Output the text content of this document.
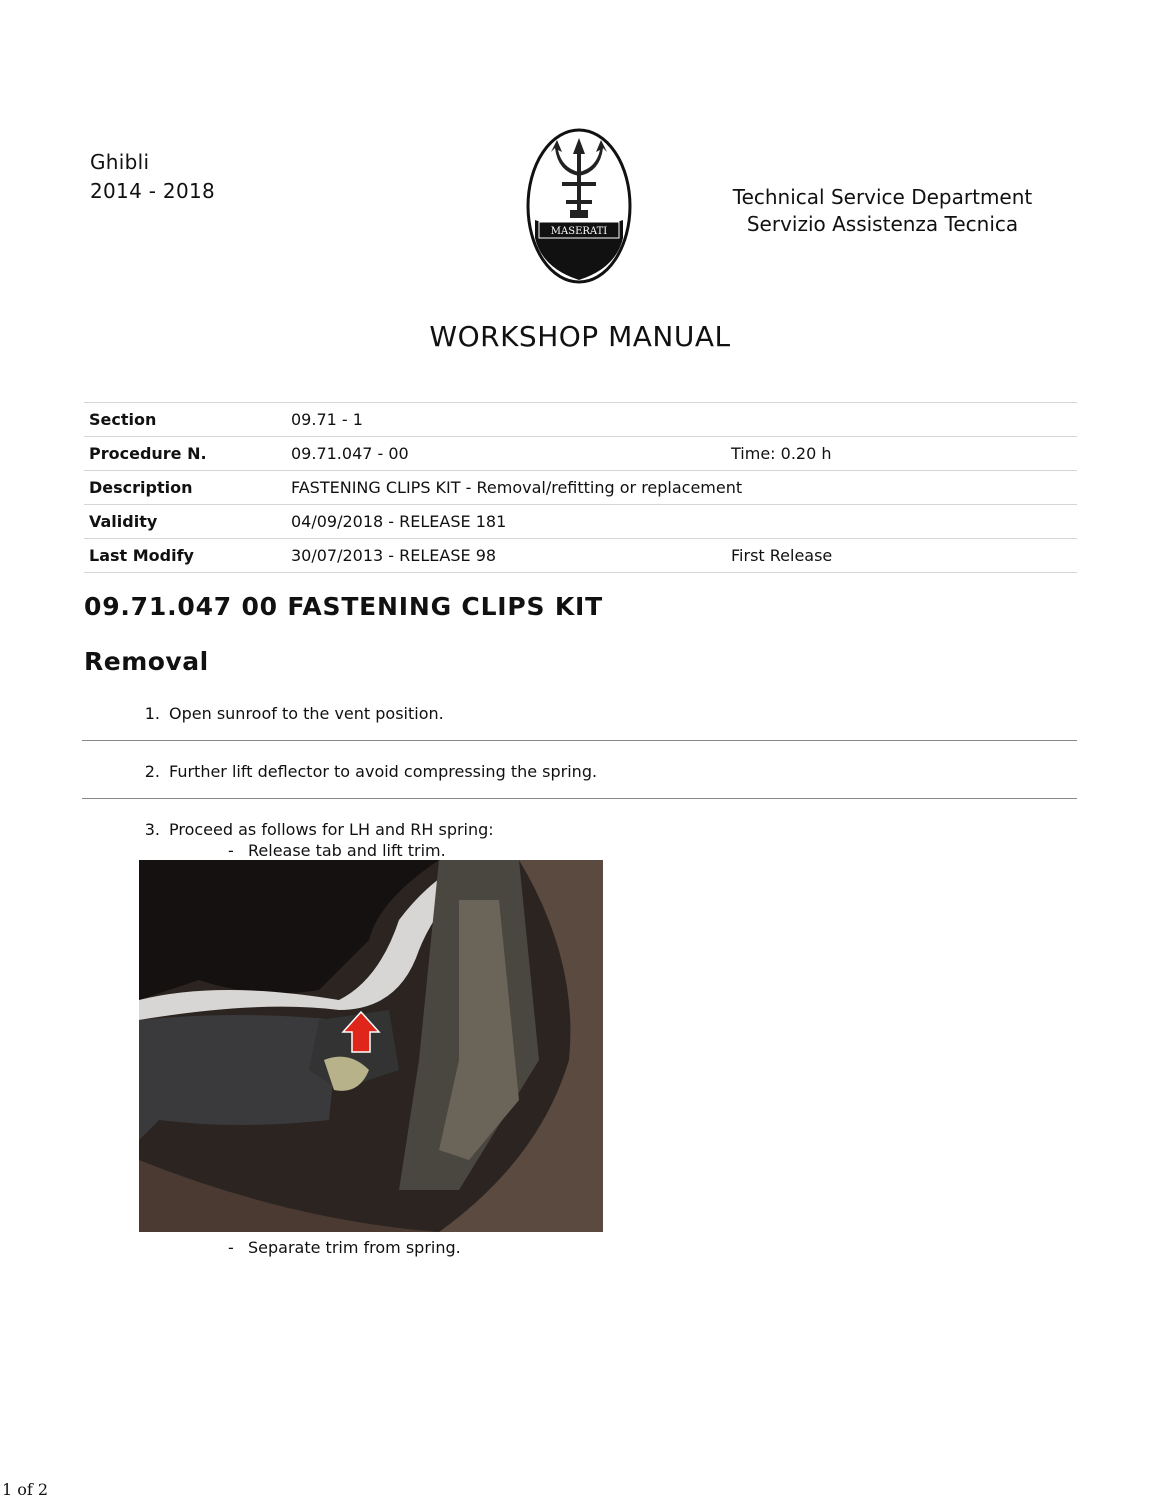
Ghibli
2014 - 2018
MASERATI
Technical Service Department
Servizio Assistenza Tecnica
WORKSHOP MANUAL
Section	09.71 - 1	
Procedure N.	09.71.047 - 00	Time: 0.20 h
Description	FASTENING CLIPS KIT - Removal/refitting or replacement	
Validity	04/09/2018 - RELEASE 181	
Last Modify	30/07/2013 - RELEASE 98	First Release
09.71.047 00 FASTENING CLIPS KIT
Removal
1. Open sunroof to the vent position.
2. Further lift deflector to avoid compressing the spring.
3. Proceed as follows for LH and RH spring:
- Release tab and lift trim.
- Separate trim from spring.
1 of 2
